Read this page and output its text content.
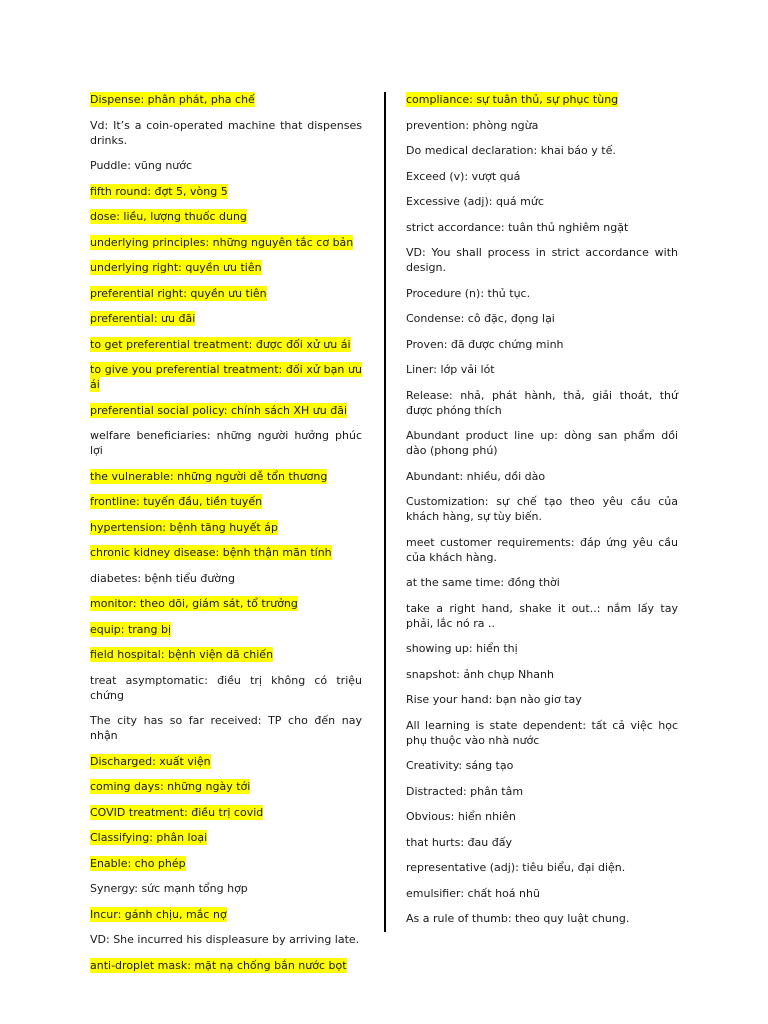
Dispense: phân phát, pha chế

Vd: It’s a coin-operated machine that dispenses drinks.

Puddle: vũng nước

fifth round: đợt 5, vòng 5

dose: liều, lượng thuốc dung

underlying principles: những nguyên tắc cơ bản

underlying right: quyền ưu tiên

preferential right: quyền ưu tiên

preferential: ưu đãi

to get preferential treatment: được đối xử ưu ái

to give you preferential treatment: đối xử bạn ưu ái

preferential social policy: chính sách XH ưu đãi

welfare beneficiaries: những người hưởng phúc lợi

the vulnerable: những người dễ tổn thương

frontline: tuyến đầu, tiền tuyến

hypertension: bệnh tăng huyết áp

chronic kidney disease: bệnh thận mãn tính

diabetes: bệnh tiểu đường

monitor: theo dõi, giám sát, tổ trưởng

equip: trang bị

field hospital: bệnh viện dã chiến

treat asymptomatic: điều trị không có triệu chứng

The city has so far received: TP cho đến nay nhận

Discharged: xuất viện

coming days: những ngày tới

COVID treatment: điều trị covid

Classifying: phân loại

Enable: cho phép

Synergy: sức mạnh tổng hợp

Incur: gánh chịu, mắc nợ

VD: She incurred his displeasure by arriving late.

anti-droplet mask: mặt nạ chống bắn nước bọt

compliance: sự tuân thủ, sự phục tùng

prevention: phòng ngừa

Do medical declaration: khai báo y tế.

Exceed (v): vượt quá

Excessive (adj): quá mức

strict accordance: tuân thủ nghiêm ngặt

VD: You shall process in strict accordance with design.

Procedure (n): thủ tục.

Condense: cô đặc, đọng lại

Proven: đã được chứng minh

Liner: lớp vải lót

Release: nhả, phát hành, thả, giải thoát, thứ được phóng thích

Abundant product line up: dòng san phẩm dồi dào (phong phú)

Abundant: nhiều, dồi dào

Customization: sự chế tạo theo yêu cầu của khách hàng, sự tùy biến.

meet customer requirements: đáp ứng yêu cầu của khách hàng.

at the same time: đồng thời

take a right hand, shake it out..: nắm lấy tay phải, lắc nó ra ..

showing up: hiển thị

snapshot: ảnh chụp Nhanh

Rise your hand: bạn nào giơ tay

All learning is state dependent: tất cả việc học phụ thuộc vào nhà nước

Creativity: sáng tạo

Distracted: phân tâm

Obvious: hiển nhiên

that hurts: đau đấy

representative (adj): tiêu biểu, đại diện.

emulsifier: chất hoá nhũ

As a rule of thumb: theo quy luật chung.
